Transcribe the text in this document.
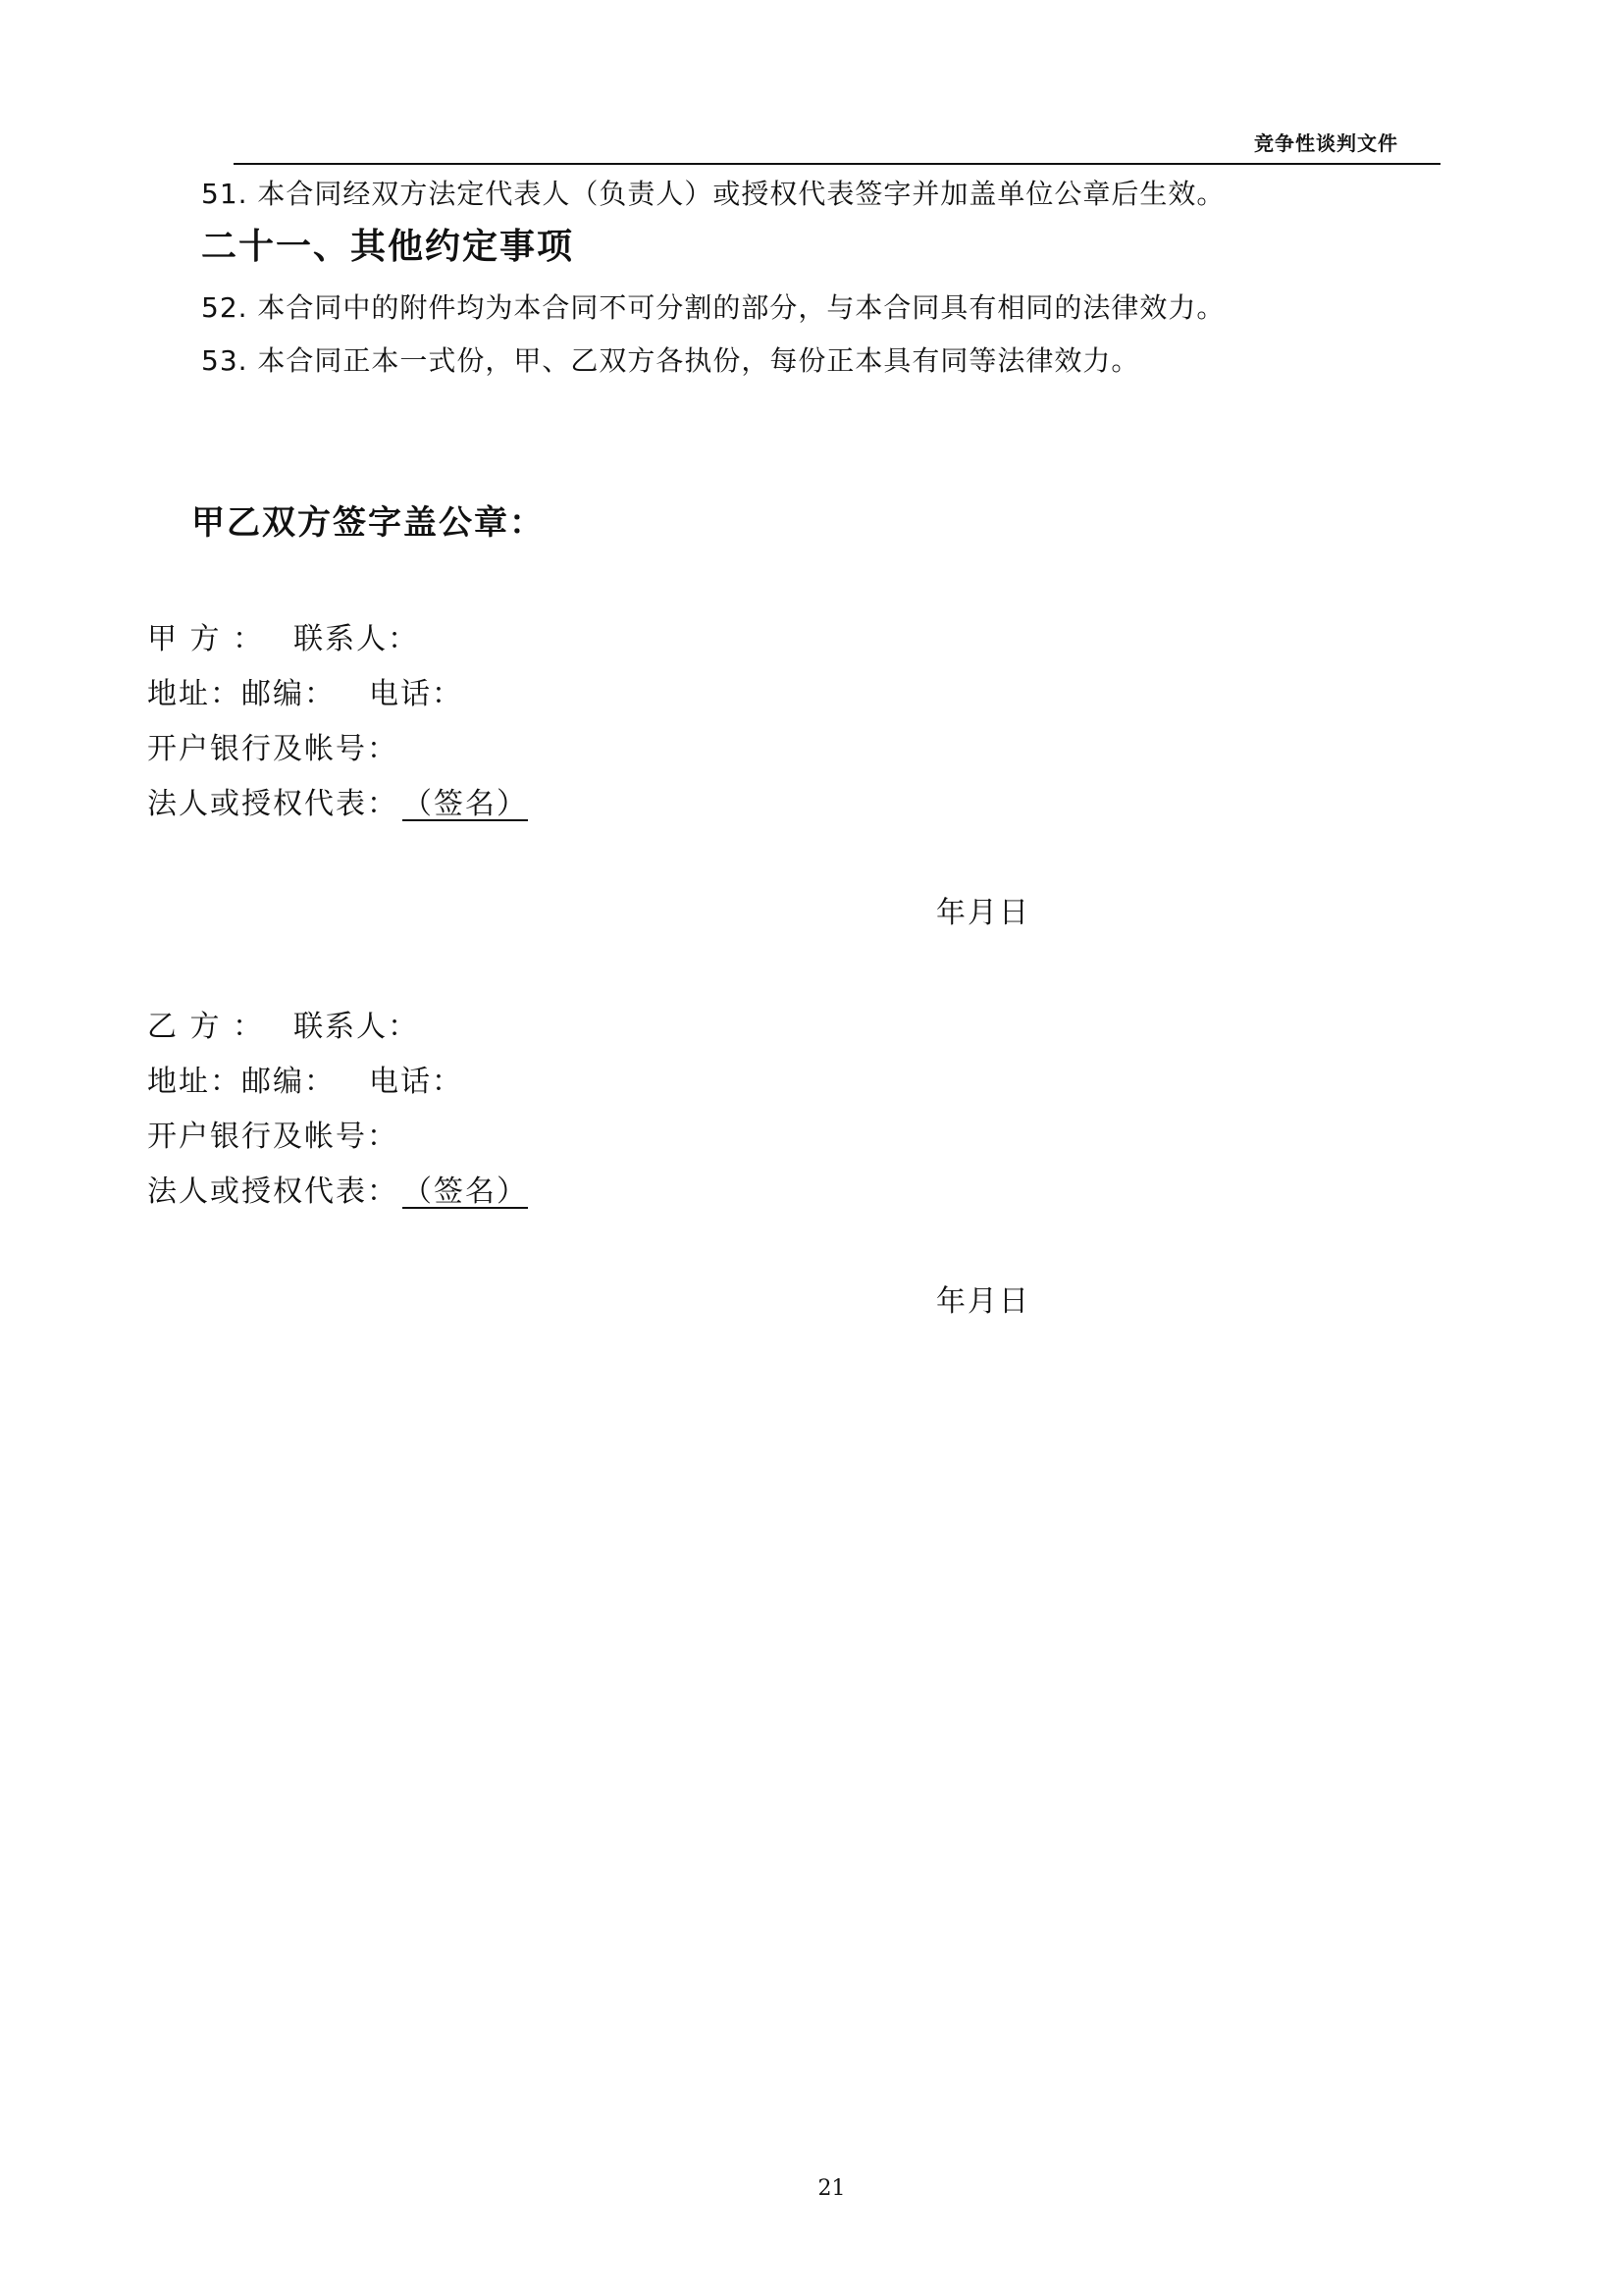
竞争性谈判文件
51. 本合同经双方法定代表人（负责人）或授权代表签字并加盖单位公章后生效。
二十一、其他约定事项
52. 本合同中的附件均为本合同不可分割的部分，与本合同具有相同的法律效力。
53. 本合同正本一式份，甲、乙双方各执份，每份正本具有同等法律效力。
甲乙双方签字盖公章：
甲 方 ： 联系人：
地址：邮编： 电话：
开户银行及帐号：
法人或授权代表： （签名）
年月日
乙 方 ： 联系人：
地址：邮编： 电话：
开户银行及帐号：
法人或授权代表： （签名）
年月日
21
